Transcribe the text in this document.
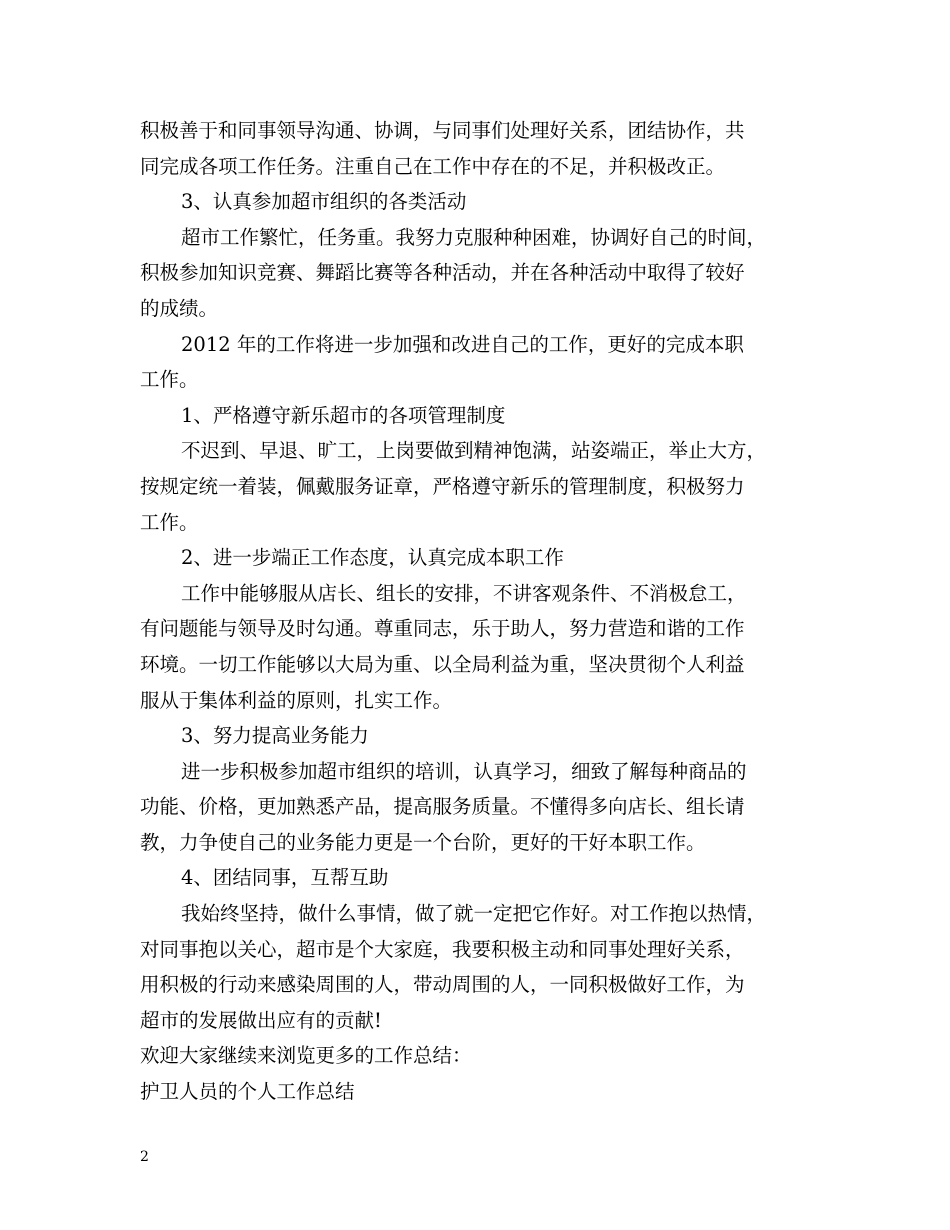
积极善于和同事领导沟通、协调，与同事们处理好关系，团结协作，共
同完成各项工作任务。注重自己在工作中存在的不足，并积极改正。
3、认真参加超市组织的各类活动
超市工作繁忙，任务重。我努力克服种种困难，协调好自己的时间，
积极参加知识竞赛、舞蹈比赛等各种活动，并在各种活动中取得了较好
的成绩。
2012 年的工作将进一步加强和改进自己的工作，更好的完成本职
工作。
1、严格遵守新乐超市的各项管理制度
不迟到、早退、旷工，上岗要做到精神饱满，站姿端正，举止大方，
按规定统一着装，佩戴服务证章，严格遵守新乐的管理制度，积极努力
工作。
2、进一步端正工作态度，认真完成本职工作
工作中能够服从店长、组长的安排，不讲客观条件、不消极怠工，
有问题能与领导及时勾通。尊重同志，乐于助人，努力营造和谐的工作
环境。一切工作能够以大局为重、以全局利益为重，坚决贯彻个人利益
服从于集体利益的原则，扎实工作。
3、努力提高业务能力
进一步积极参加超市组织的培训，认真学习，细致了解每种商品的
功能、价格，更加熟悉产品，提高服务质量。不懂得多向店长、组长请
教，力争使自己的业务能力更是一个台阶，更好的干好本职工作。
4、团结同事，互帮互助
我始终坚持，做什么事情，做了就一定把它作好。对工作抱以热情，
对同事抱以关心，超市是个大家庭，我要积极主动和同事处理好关系，
用积极的行动来感染周围的人，带动周围的人，一同积极做好工作，为
超市的发展做出应有的贡献!
欢迎大家继续来浏览更多的工作总结：
护卫人员的个人工作总结
2
